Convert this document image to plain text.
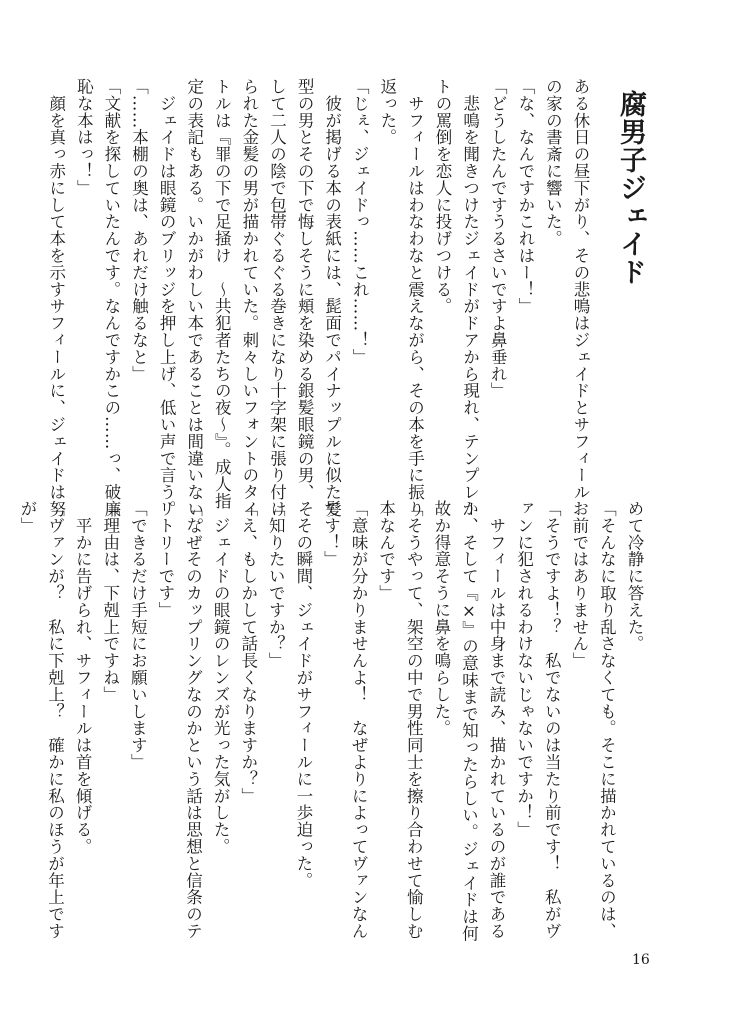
腐男子ジェイド
ある休日の昼下がり、その悲鳴はジェイドとサフィール
の家の書斎に響いた。
「な、なんですかこれはー！」
「どうしたんですうるさいですよ鼻垂れ」
　悲鳴を聞きつけたジェイドがドアから現れ、テンプレー
トの罵倒を恋人に投げつける。
　サフィールはわなわなと震えながら、その本を手に振り
返った。
「じぇ、ジェイドっ……これ……！」
　彼が掲げる本の表紙には、髭面でパイナップルに似た髪
型の男とその下で悔しそうに頬を染める銀髪眼鏡の男、そ
して二人の陰で包帯ぐるぐる巻きになり十字架に張り付け
られた金髪の男が描かれていた。刺々しいフォントのタイ
トルは『罪の下で足掻け　～共犯者たちの夜～』。成人指
定の表記もある。いかがわしい本であることは間違いない。
　ジェイドは眼鏡のブリッジを押し上げ、低い声で言う。
「……本棚の奥は、あれだけ触るなと」
「文献を探していたんです。なんですかこの……っ、破廉
恥な本はっ！」
　顔を真っ赤にして本を示すサフィールに、ジェイドは努
めて冷静に答えた。
「そんなに取り乱さなくても。そこに描かれているのは、
お前ではありません」
「そうですよ！？　私でないのは当たり前です！　私がヴ
ァンに犯されるわけないじゃないですか！」
　サフィールは中身まで読み、描かれているのが誰である
か、そして『×』の意味まで知ったらしい。ジェイドは何
故か得意そうに鼻を鳴らした。
「そうやって、架空の中で男性同士を擦り合わせて愉しむ
本なんです」
「意味が分かりませんよ！　なぜよりによってヴァンなん
です！」
　その瞬間、ジェイドがサフィールに一歩迫った。
「知りたいですか？」
「え、もしかして話長くなりますか？」
　ジェイドの眼鏡のレンズが光った気がした。
「なぜそのカップリングなのかという話は思想と信条のテ
リトリーです」
「できるだけ手短にお願いします」
「理由は、下剋上ですね」
　平かに告げられ、サフィールは首を傾げる。
「ヴァンが？　私に下剋上？　確かに私のほうが年上です
が」
16
